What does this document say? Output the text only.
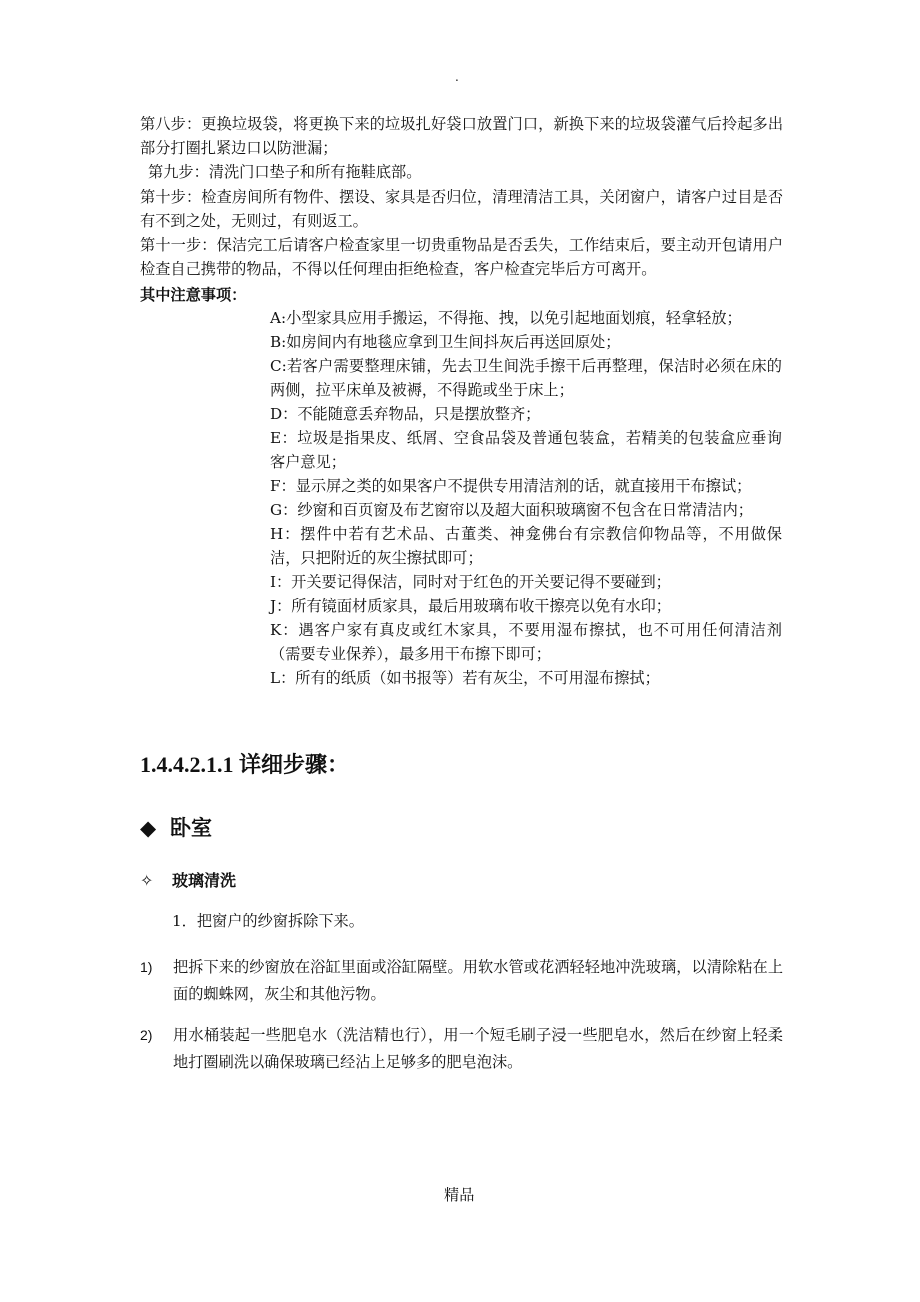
.

第八步：更换垃圾袋，将更换下来的垃圾扎好袋口放置门口，新换下来的垃圾袋灌气后拎起多出部分打圈扎紧边口以防泄漏；

第九步：清洗门口垫子和所有拖鞋底部。

第十步：检查房间所有物件、摆设、家具是否归位，清理清洁工具，关闭窗户，请客户过目是否有不到之处，无则过，有则返工。

第十一步：保洁完工后请客户检查家里一切贵重物品是否丢失，工作结束后，要主动开包请用户检查自己携带的物品，不得以任何理由拒绝检查，客户检查完毕后方可离开。

其中注意事项：

A:小型家具应用手搬运，不得拖、拽，以免引起地面划痕，轻拿轻放；

B:如房间内有地毯应拿到卫生间抖灰后再送回原处；

C:若客户需要整理床铺，先去卫生间洗手擦干后再整理，保洁时必须在床的两侧，拉平床单及被褥，不得跪或坐于床上；

D：不能随意丢弃物品，只是摆放整齐；

E：垃圾是指果皮、纸屑、空食品袋及普通包装盒，若精美的包装盒应垂询客户意见；

F：显示屏之类的如果客户不提供专用清洁剂的话，就直接用干布擦试；

G：纱窗和百页窗及布艺窗帘以及超大面积玻璃窗不包含在日常清洁内；

H：摆件中若有艺术品、古董类、神龛佛台有宗教信仰物品等，不用做保洁，只把附近的灰尘擦拭即可；

I：开关要记得保洁，同时对于红色的开关要记得不要碰到；

J：所有镜面材质家具，最后用玻璃布收干擦亮以免有水印；

K：遇客户家有真皮或红木家具，不要用湿布擦拭，也不可用任何清洁剂（需要专业保养），最多用干布擦下即可；

L：所有的纸质（如书报等）若有灰尘，不可用湿布擦拭；

1.4.4.2.1.1 详细步骤：
◆ 卧室
✧ 玻璃清洗

1．把窗户的纱窗拆除下来。

1) 把拆下来的纱窗放在浴缸里面或浴缸隔壁。用软水管或花洒轻轻地冲洗玻璃，以清除粘在上面的蜘蛛网，灰尘和其他污物。
2) 用水桶装起一些肥皂水（洗洁精也行），用一个短毛刷子浸一些肥皂水，然后在纱窗上轻柔地打圈刷洗以确保玻璃已经沾上足够多的肥皂泡沫。

精品
